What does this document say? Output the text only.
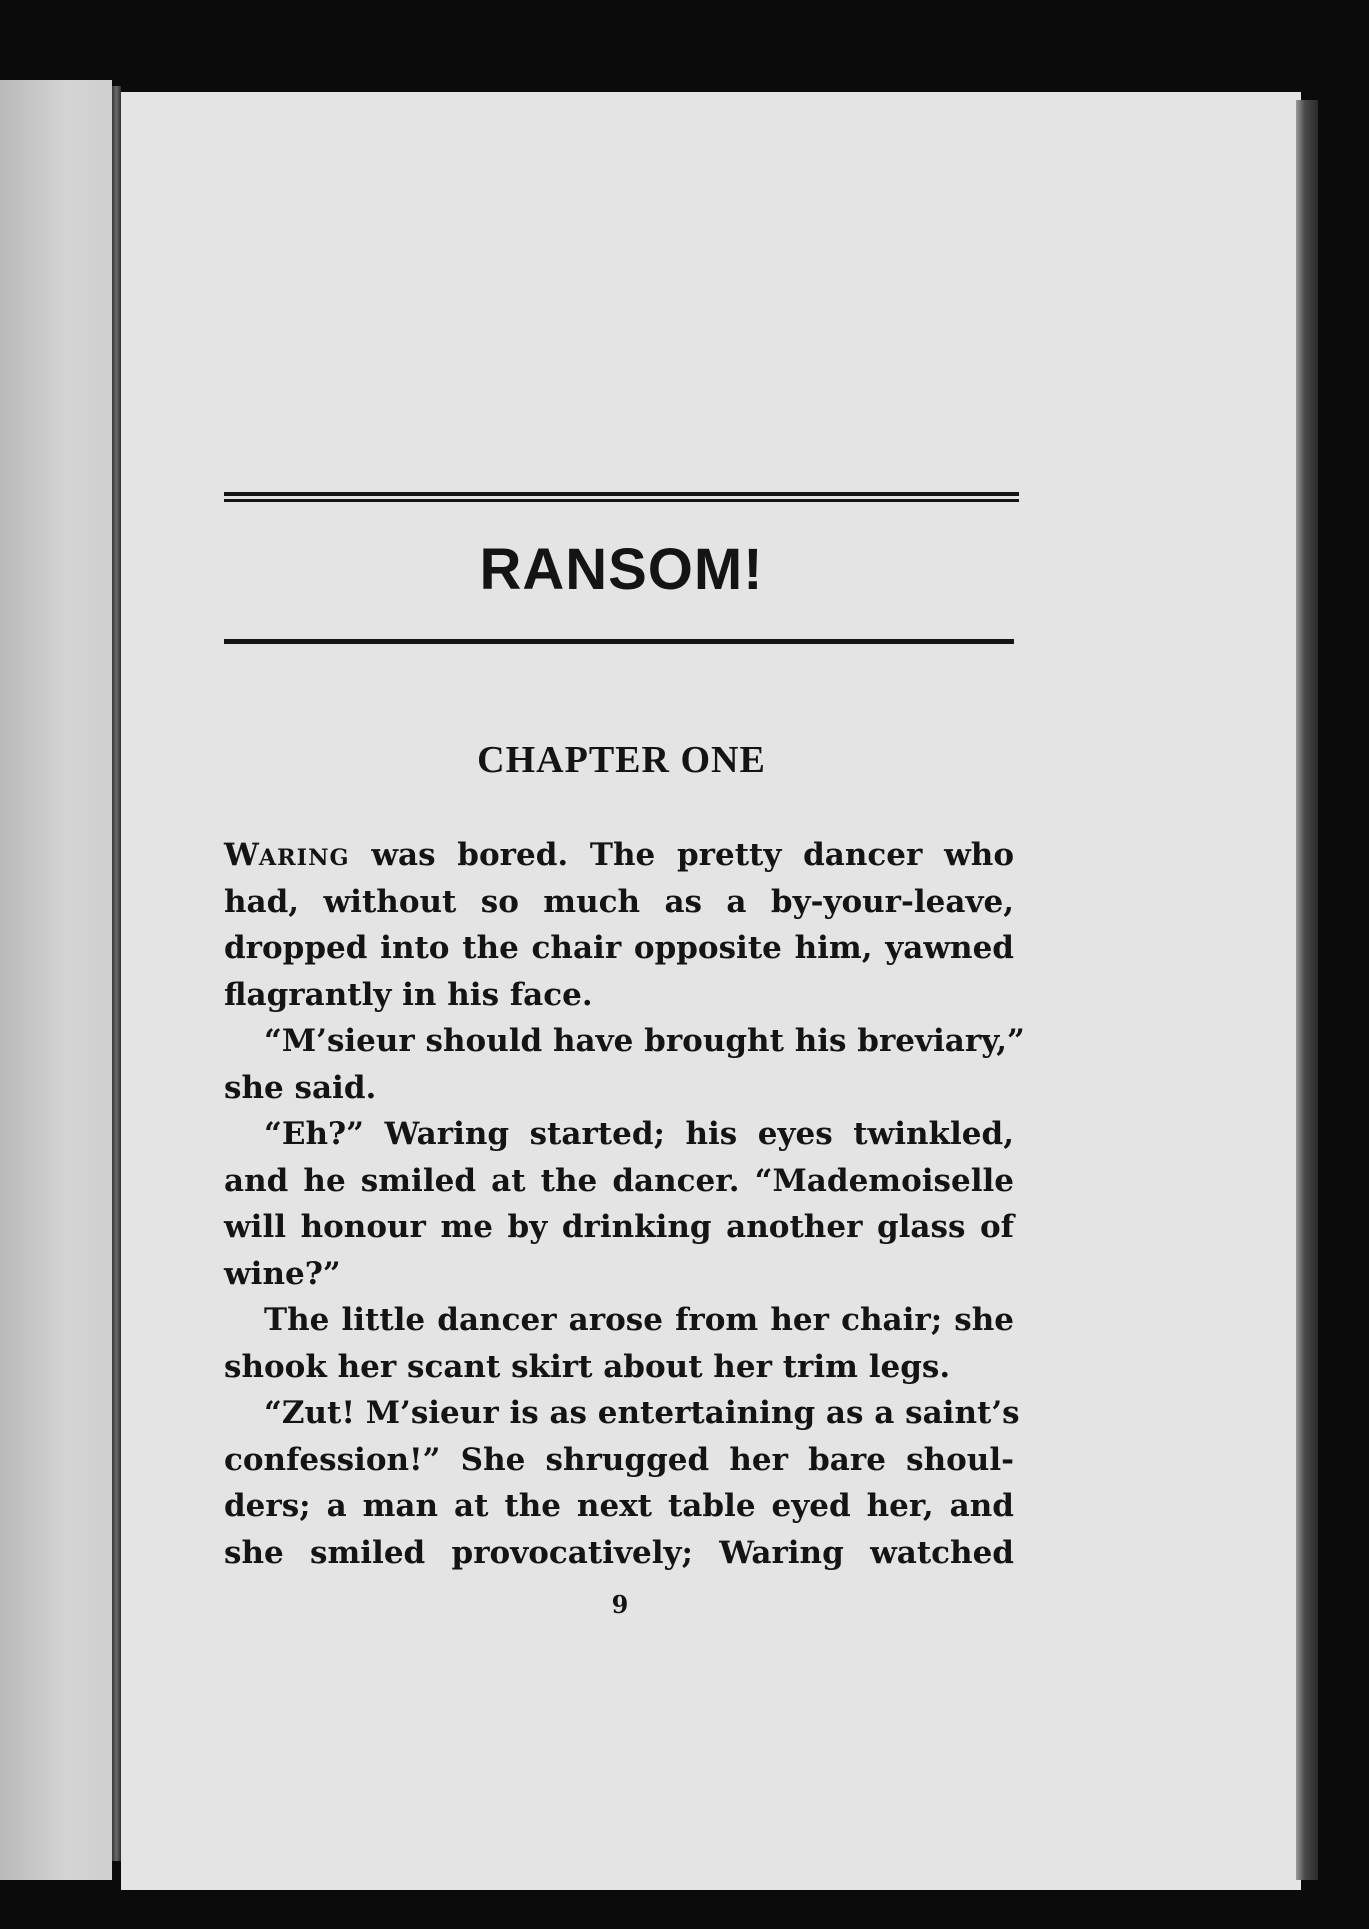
RANSOM!
CHAPTER ONE
WARING was bored. The pretty dancer who
had, without so much as a by-your-leave,
dropped into the chair opposite him, yawned
flagrantly in his face.
“M’sieur should have brought his breviary,”
she said.
“Eh?” Waring started; his eyes twinkled,
and he smiled at the dancer. “Mademoiselle
will honour me by drinking another glass of
wine?”
The little dancer arose from her chair; she
shook her scant skirt about her trim legs.
“Zut! M’sieur is as entertaining as a saint’s
confession!” She shrugged her bare shoul-
ders; a man at the next table eyed her, and
she smiled provocatively; Waring watched
9
